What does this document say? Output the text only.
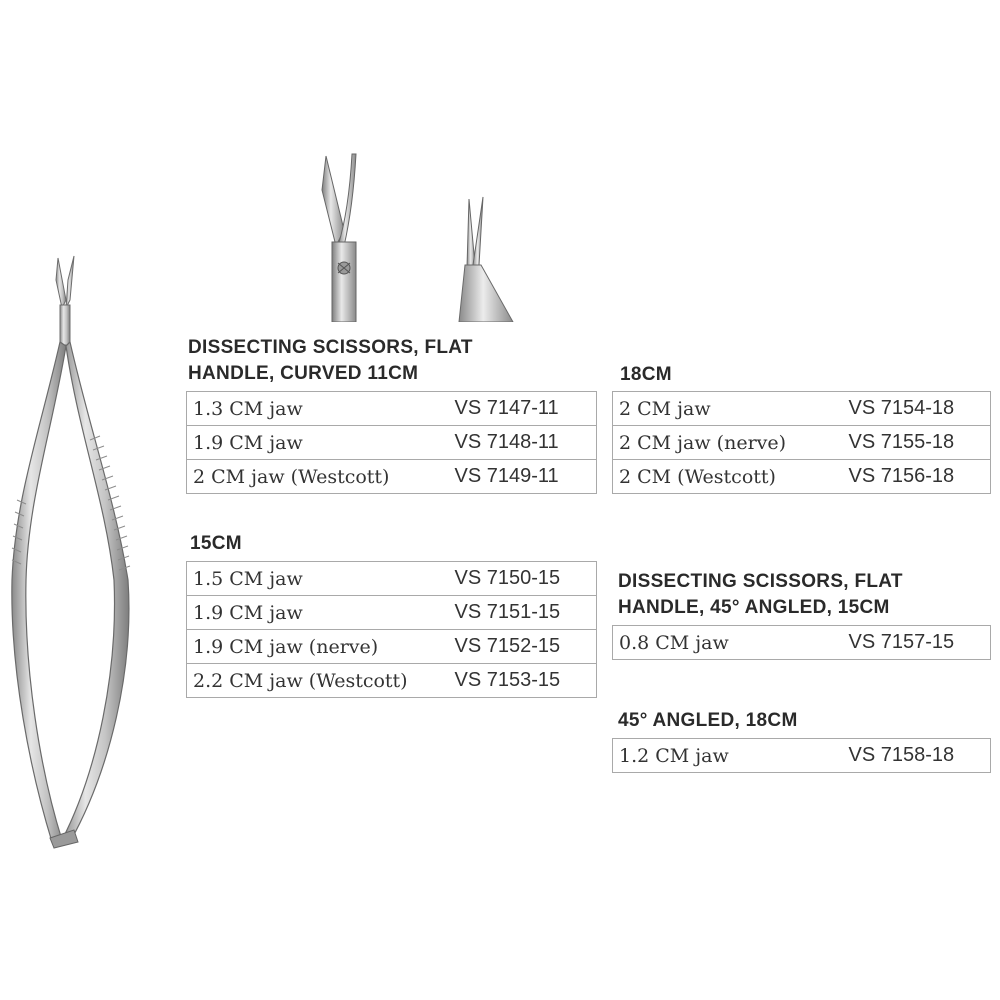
DISSECTING SCISSORS, FLAT
HANDLE, CURVED 11CM
1.3 CM jaw	VS 7147-11
1.9 CM jaw	VS 7148-11
2 CM jaw (Westcott)	VS 7149-11
15CM
1.5 CM jaw	VS 7150-15
1.9 CM jaw	VS 7151-15
1.9 CM jaw (nerve)	VS 7152-15
2.2 CM jaw (Westcott)	VS 7153-15
18CM
2 CM jaw	VS 7154-18
2 CM jaw (nerve)	VS 7155-18
2 CM (Westcott)	VS 7156-18
DISSECTING SCISSORS, FLAT
HANDLE, 45° ANGLED, 15CM
0.8 CM jaw	VS 7157-15
45° ANGLED, 18CM
1.2 CM jaw	VS 7158-18
